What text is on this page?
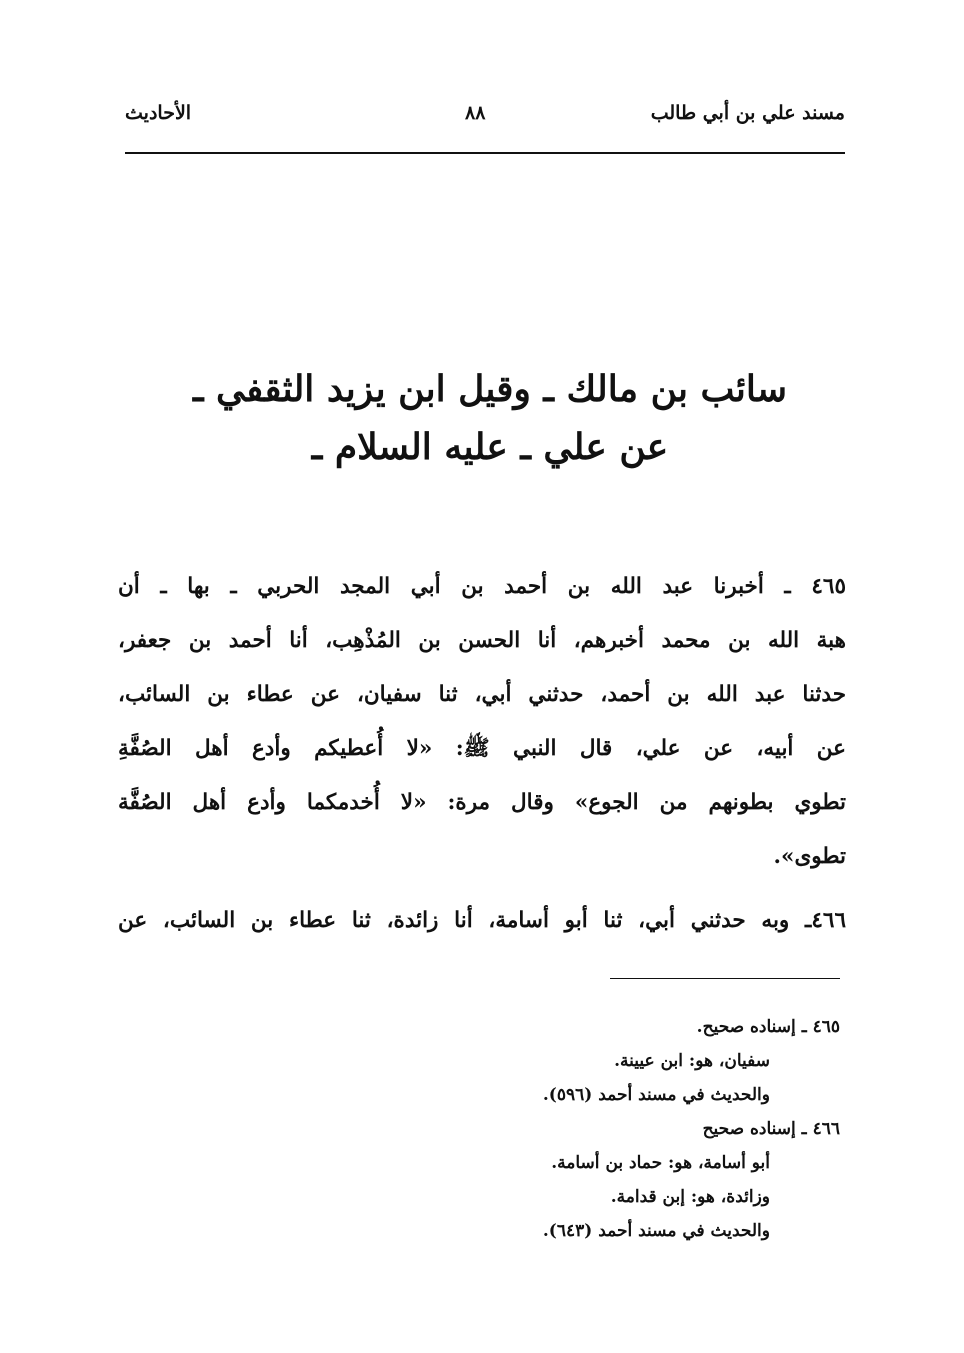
مسند علي بن أبي طالب
٨٨
الأحاديث
سائب بن مالك ـ وقيل ابن يزيد الثقفي ـ
عن علي ـ عليه السلام ـ
٤٦٥ ـ أخبرنا عبد الله بن أحمد بن أبي المجد الحربي ـ بها ـ أن
هبة الله بن محمد أخبرهم، أنا الحسن بن المُذْهِب، أنا أحمد بن جعفر،
حدثنا عبد الله بن أحمد، حدثني أبي، ثنا سفيان، عن عطاء بن السائب،
عن أبيه، عن علي، قال النبي ﷺ: «لا أُعطيكم وأدع أهل الصُفَّةِ
تطوي بطونهم من الجوع» وقال مرة: «لا أُخدمكما وأدع أهل الصُفَّة
تطوى».
٤٦٦ـ وبه حدثني أبي، ثنا أبو أسامة، أنا زائدة، ثنا عطاء بن السائب، عن
٤٦٥ ـ إسناده صحيح.
سفيان، هو: ابن عيينة.
والحديث في مسند أحمد (٥٩٦).
٤٦٦ ـ إسناده صحيح
أبو أسامة، هو: حماد بن أسامة.
وزائدة، هو: إبن قدامة.
والحديث في مسند أحمد (٦٤٣).
